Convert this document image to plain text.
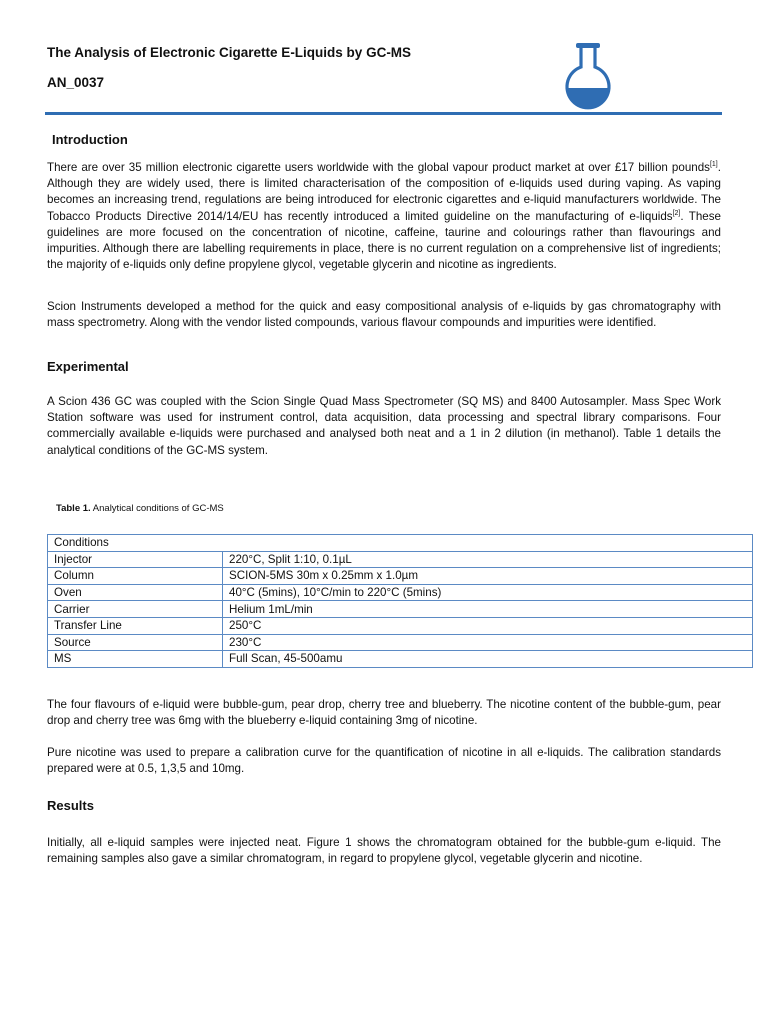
The Analysis of Electronic Cigarette E-Liquids by GC-MS
AN_0037
Introduction

There are over 35 million electronic cigarette users worldwide with the global vapour product market at over £17 billion pounds[1]. Although they are widely used, there is limited characterisation of the composition of e-liquids used during vaping. As vaping becomes an increasing trend, regulations are being introduced for electronic cigarettes and e-liquid manufacturers worldwide. The Tobacco Products Directive 2014/14/EU has recently introduced a limited guideline on the manufacturing of e-liquids[2]. These guidelines are more focused on the concentration of nicotine, caffeine, taurine and colourings rather than flavourings and impurities. Although there are labelling requirements in place, there is no current regulation on a comprehensive list of ingredients; the majority of e-liquids only define propylene glycol, vegetable glycerin and nicotine as ingredients.

Scion Instruments developed a method for the quick and easy compositional analysis of e-liquids by gas chromatography with mass spectrometry. Along with the vendor listed compounds, various flavour compounds and impurities were identified.

Experimental

A Scion 436 GC was coupled with the Scion Single Quad Mass Spectrometer (SQ MS) and 8400 Autosampler. Mass Spec Work Station software was used for instrument control, data acquisition, data processing and spectral library comparisons. Four commercially available e-liquids were purchased and analysed both neat and a 1 in 2 dilution (in methanol). Table 1 details the analytical conditions of the GC-MS system.

Table 1. Analytical conditions of GC-MS
Conditions	
Injector	220°C, Split 1:10, 0.1µL
Column	SCION-5MS 30m x 0.25mm x 1.0µm
Oven	40°C (5mins), 10°C/min to 220°C (5mins)
Carrier	Helium 1mL/min
Transfer Line	250°C
Source	230°C
MS	Full Scan, 45-500amu

The four flavours of e-liquid were bubble-gum, pear drop, cherry tree and blueberry. The nicotine content of the bubble-gum, pear drop and cherry tree was 6mg with the blueberry e-liquid containing 3mg of nicotine.

Pure nicotine was used to prepare a calibration curve for the quantification of nicotine in all e-liquids. The calibration standards prepared were at 0.5, 1,3,5 and 10mg.

Results

Initially, all e-liquid samples were injected neat. Figure 1 shows the chromatogram obtained for the bubble-gum e-liquid. The remaining samples also gave a similar chromatogram, in regard to propylene glycol, vegetable glycerin and nicotine.
